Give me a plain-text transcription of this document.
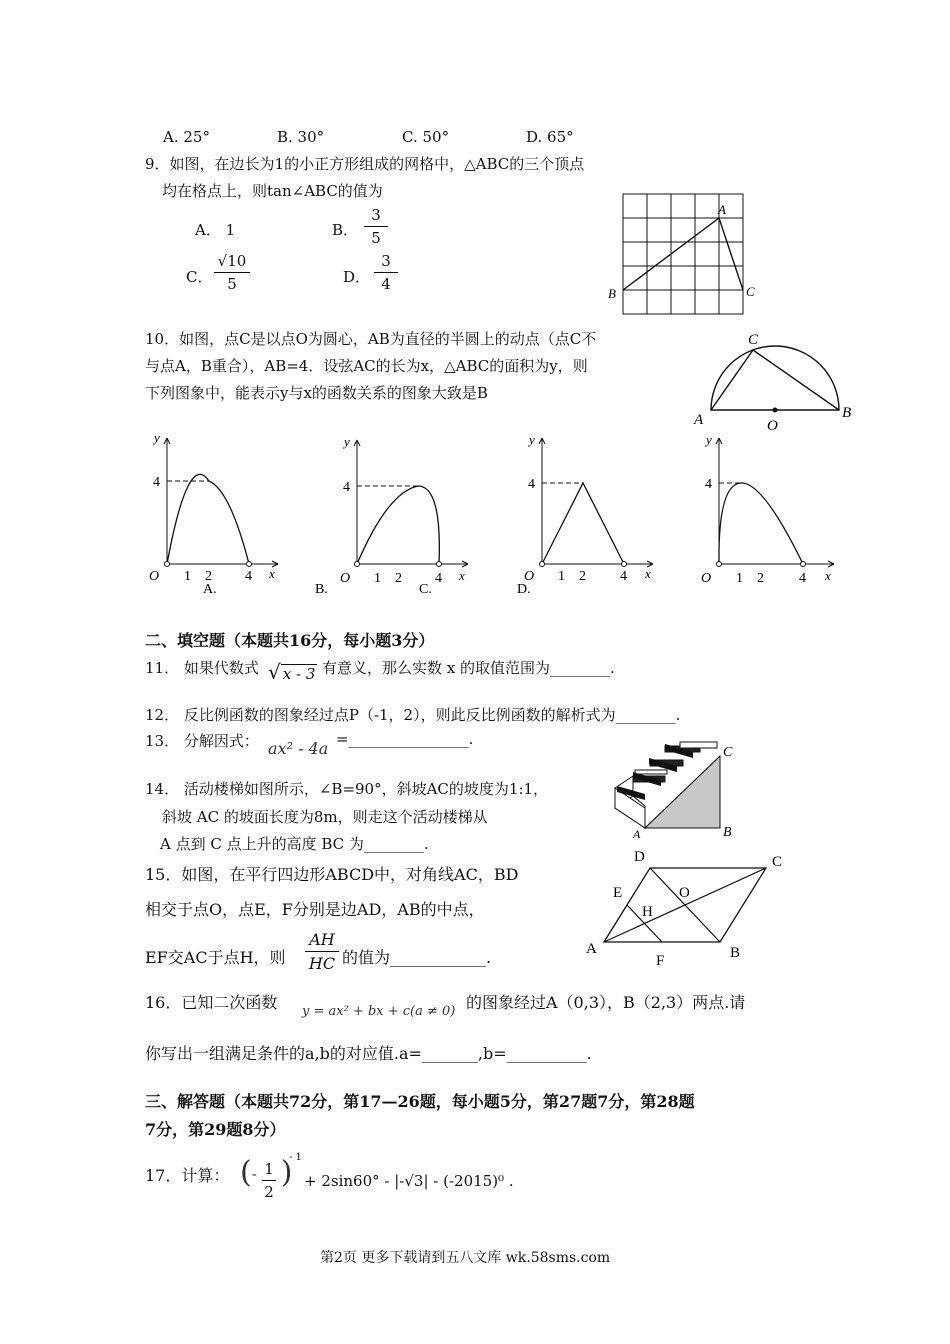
A. 25°	B. 30°	C. 50°	D. 65°
9．如图，在边长为1的小正方形组成的网格中，△ABC的三个顶点
均在格点上，则tan∠ABC的值为
A． 1	B．
3
5
C．
√10
5	D．
3
4
A
B	C
10．如图，点C是以点O为圆心，AB为直径的半圆上的动点（点C不
与点A，B重合），AB=4．设弦AC的长为x，△ABC的面积为y，则
下列图象中，能表示y与x的函数关系的图象大致是B
C
A	B
O
y
x
O
4
1 2 4
A.
y
x
O
4
1 2 4
B.
y
x
O
4
1 2 4
C.
y
x
O
4
1 2	4
D.
二、填空题（本题共16分，每小题3分）
11． 如果代数式 √ x - 3 有意义，那么实数 x 的取值范围为________.
12． 反比例函数的图象经过点P（-1，2），则此反比例函数的解析式为________.
13． 分解因式： ax² - 4a =________________.
14． 活动楼梯如图所示，∠B=90°，斜坡AC的坡度为1:1，
斜坡 AC 的坡面长度为8m，则走这个活动楼梯从
A 点到 C 点上升的高度 BC 为________.
C
B
A
15．如图，在平行四边形ABCD中，对角线AC，BD
相交于点O，点E，F分别是边AD，AB的中点，
EF交AC于点H，则
AH
HC 的值为____________.
D	C
E	O
H
A
F	B
16．已知二次函数 y = ax² + bx + c(a ≠ 0) 的图象经过A（0,3），B（2,3）两点.请
你写出一组满足条件的a,b的对应值.a=_______,b=__________.
三、解答题（本题共72分，第17—26题，每小题5分，第27题7分，第28题
7分，第29题8分）
17．计算： (- )
1
2
- 1
+ 2sin60° - |-√3| - (-2015)⁰ .
第2页 更多下载请到五八文库 wk.58sms.com
